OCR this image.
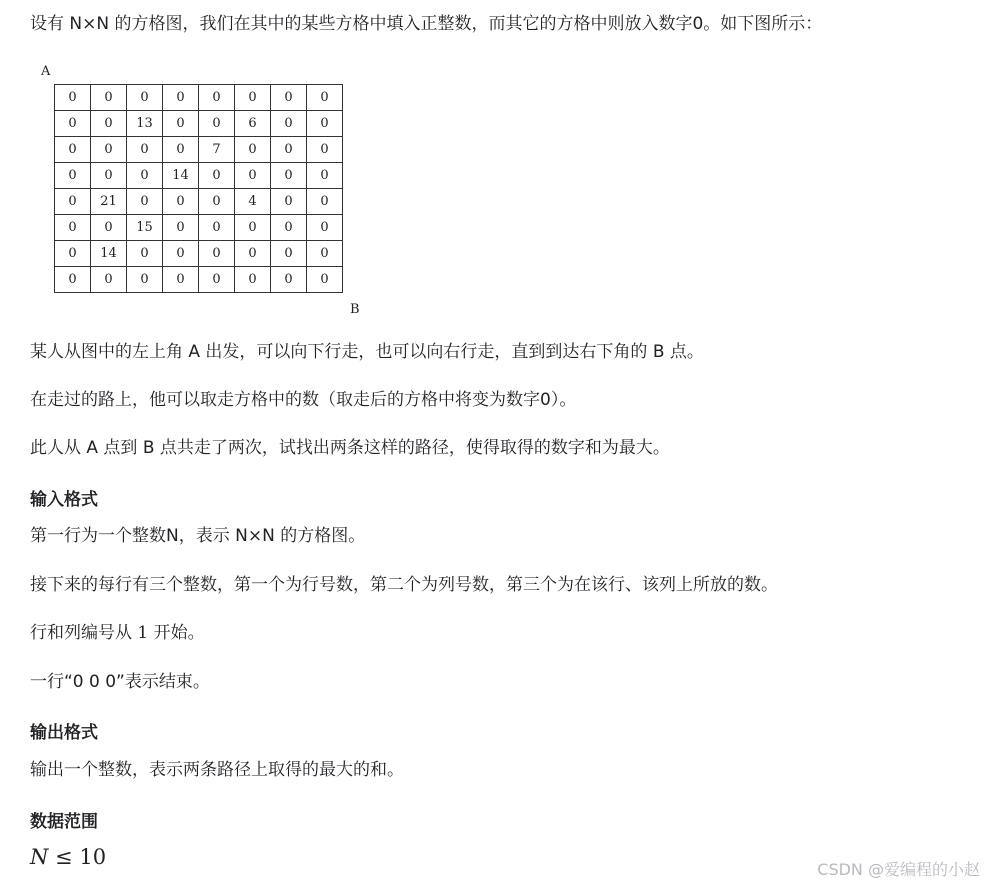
设有 N×N 的方格图，我们在其中的某些方格中填入正整数，而其它的方格中则放入数字0。如下图所示：

A
0	0	0	0	0	0	0	0
0	0	13	0	0	6	0	0
0	0	0	0	7	0	0	0
0	0	0	14	0	0	0	0
0	21	0	0	0	4	0	0
0	0	15	0	0	0	0	0
0	14	0	0	0	0	0	0
0	0	0	0	0	0	0	0
B

某人从图中的左上角 A 出发，可以向下行走，也可以向右行走，直到到达右下角的 B 点。

在走过的路上，他可以取走方格中的数（取走后的方格中将变为数字0）。

此人从 A 点到 B 点共走了两次，试找出两条这样的路径，使得取得的数字和为最大。

输入格式

第一行为一个整数N，表示 N×N 的方格图。

接下来的每行有三个整数，第一个为行号数，第二个为列号数，第三个为在该行、该列上所放的数。

行和列编号从 1 开始。

一行“0 0 0”表示结束。

输出格式

输出一个整数，表示两条路径上取得的最大的和。

数据范围
N ≤ 10
CSDN @爱编程的小赵
